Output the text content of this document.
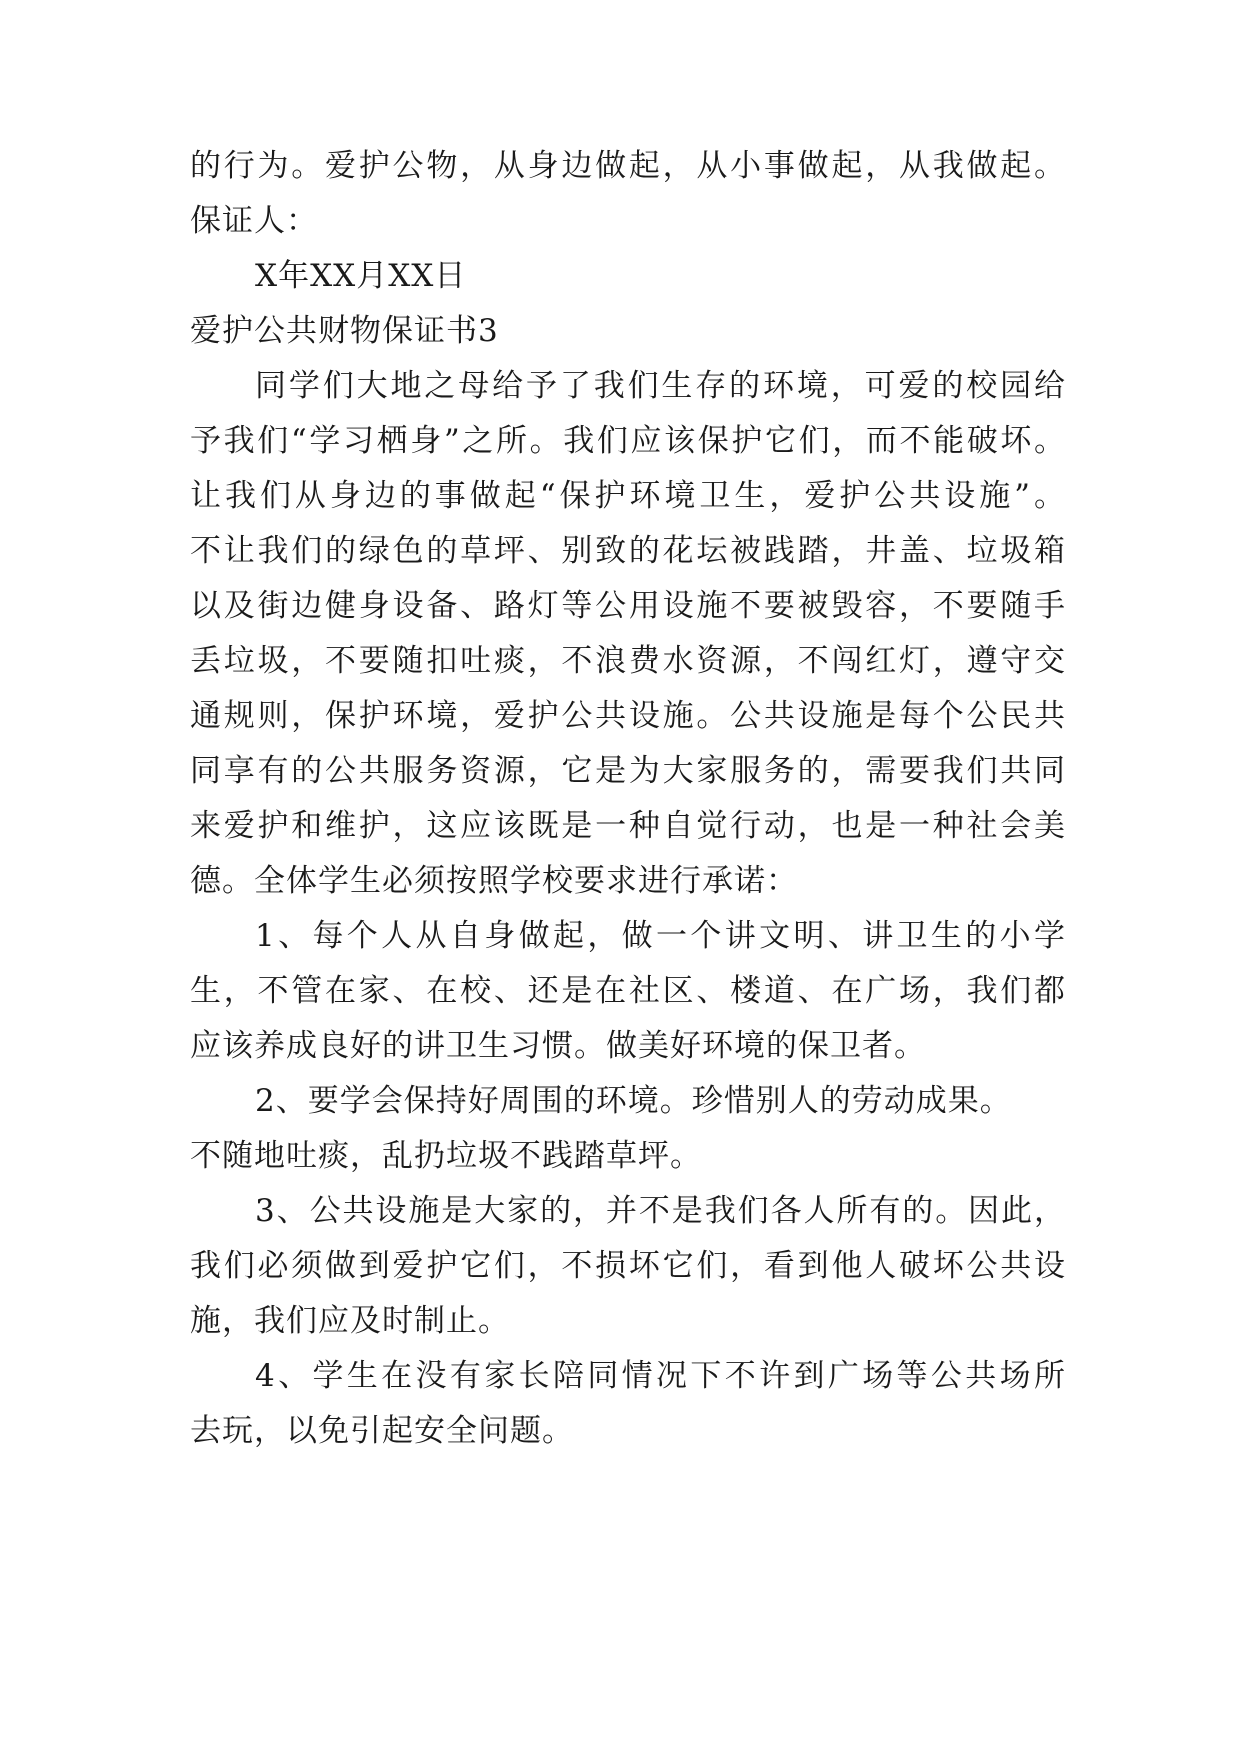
的行为。爱护公物，从身边做起，从小事做起，从我做起。
保证人：
X年XX月XX日
爱护公共财物保证书3
同学们大地之母给予了我们生存的环境，可爱的校园给
予我们“学习栖身”之所。我们应该保护它们，而不能破坏。
让我们从身边的事做起“保护环境卫生，爱护公共设施”。
不让我们的绿色的草坪、别致的花坛被践踏，井盖、垃圾箱
以及街边健身设备、路灯等公用设施不要被毁容，不要随手
丢垃圾，不要随扣吐痰，不浪费水资源，不闯红灯，遵守交
通规则，保护环境，爱护公共设施。公共设施是每个公民共
同享有的公共服务资源，它是为大家服务的，需要我们共同
来爱护和维护，这应该既是一种自觉行动，也是一种社会美
德。全体学生必须按照学校要求进行承诺：
1、每个人从自身做起，做一个讲文明、讲卫生的小学
生，不管在家、在校、还是在社区、楼道、在广场，我们都
应该养成良好的讲卫生习惯。做美好环境的保卫者。
2、要学会保持好周围的环境。珍惜别人的劳动成果。
不随地吐痰，乱扔垃圾不践踏草坪。
3、公共设施是大家的，并不是我们各人所有的。因此，
我们必须做到爱护它们，不损坏它们，看到他人破坏公共设
施，我们应及时制止。
4、学生在没有家长陪同情况下不许到广场等公共场所
去玩，以免引起安全问题。
